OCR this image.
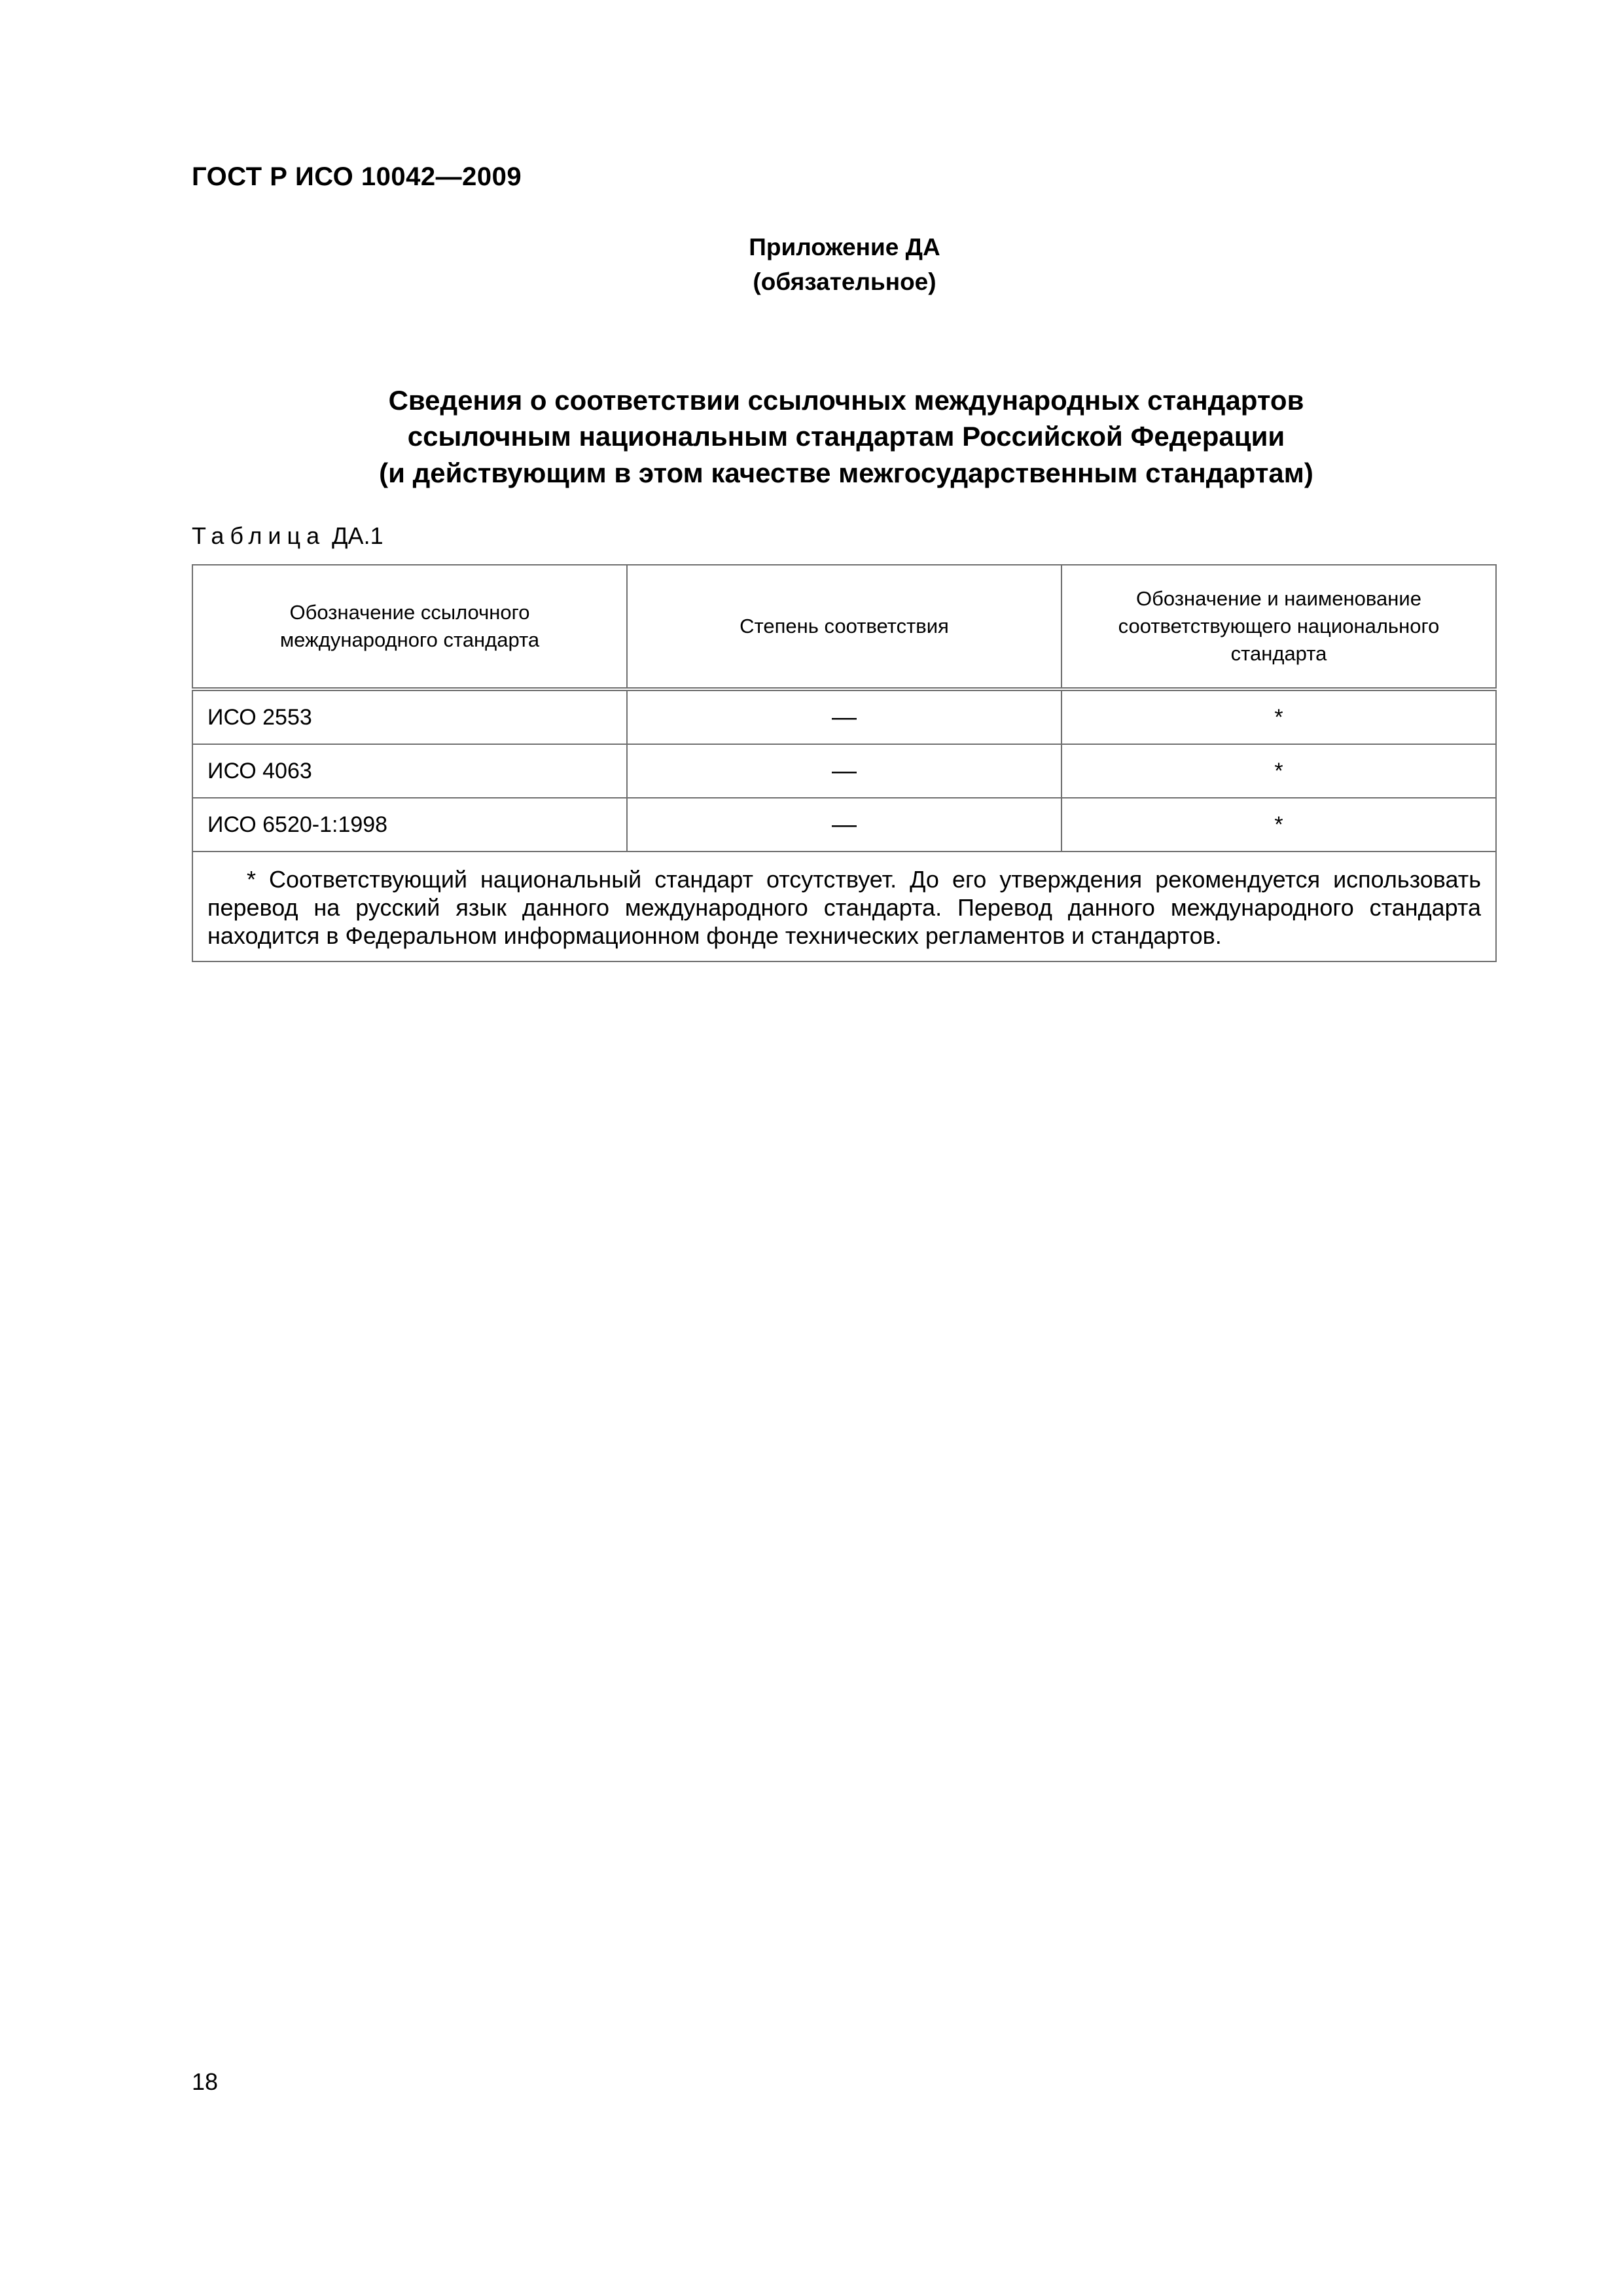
ГОСТ Р ИСО 10042—2009
Приложение ДА
(обязательное)
Сведения о соответствии ссылочных международных стандартов
ссылочным национальным стандартам Российской Федерации
(и действующим в этом качестве межгосударственным стандартам)
Таблица ДА.1
Обозначение ссылочного международного стандарта	Степень соответствия	Обозначение и наименование соответствующего национального стандарта
ИСО 2553	—	*
ИСО 4063	—	*
ИСО 6520-1:1998	—	*
* Соответствующий национальный стандарт отсутствует. До его утверждения рекомендуется использовать перевод на русский язык данного международного стандарта. Перевод данного международного стандарта находится в Федеральном информационном фонде технических регламентов и стандартов.		
18
